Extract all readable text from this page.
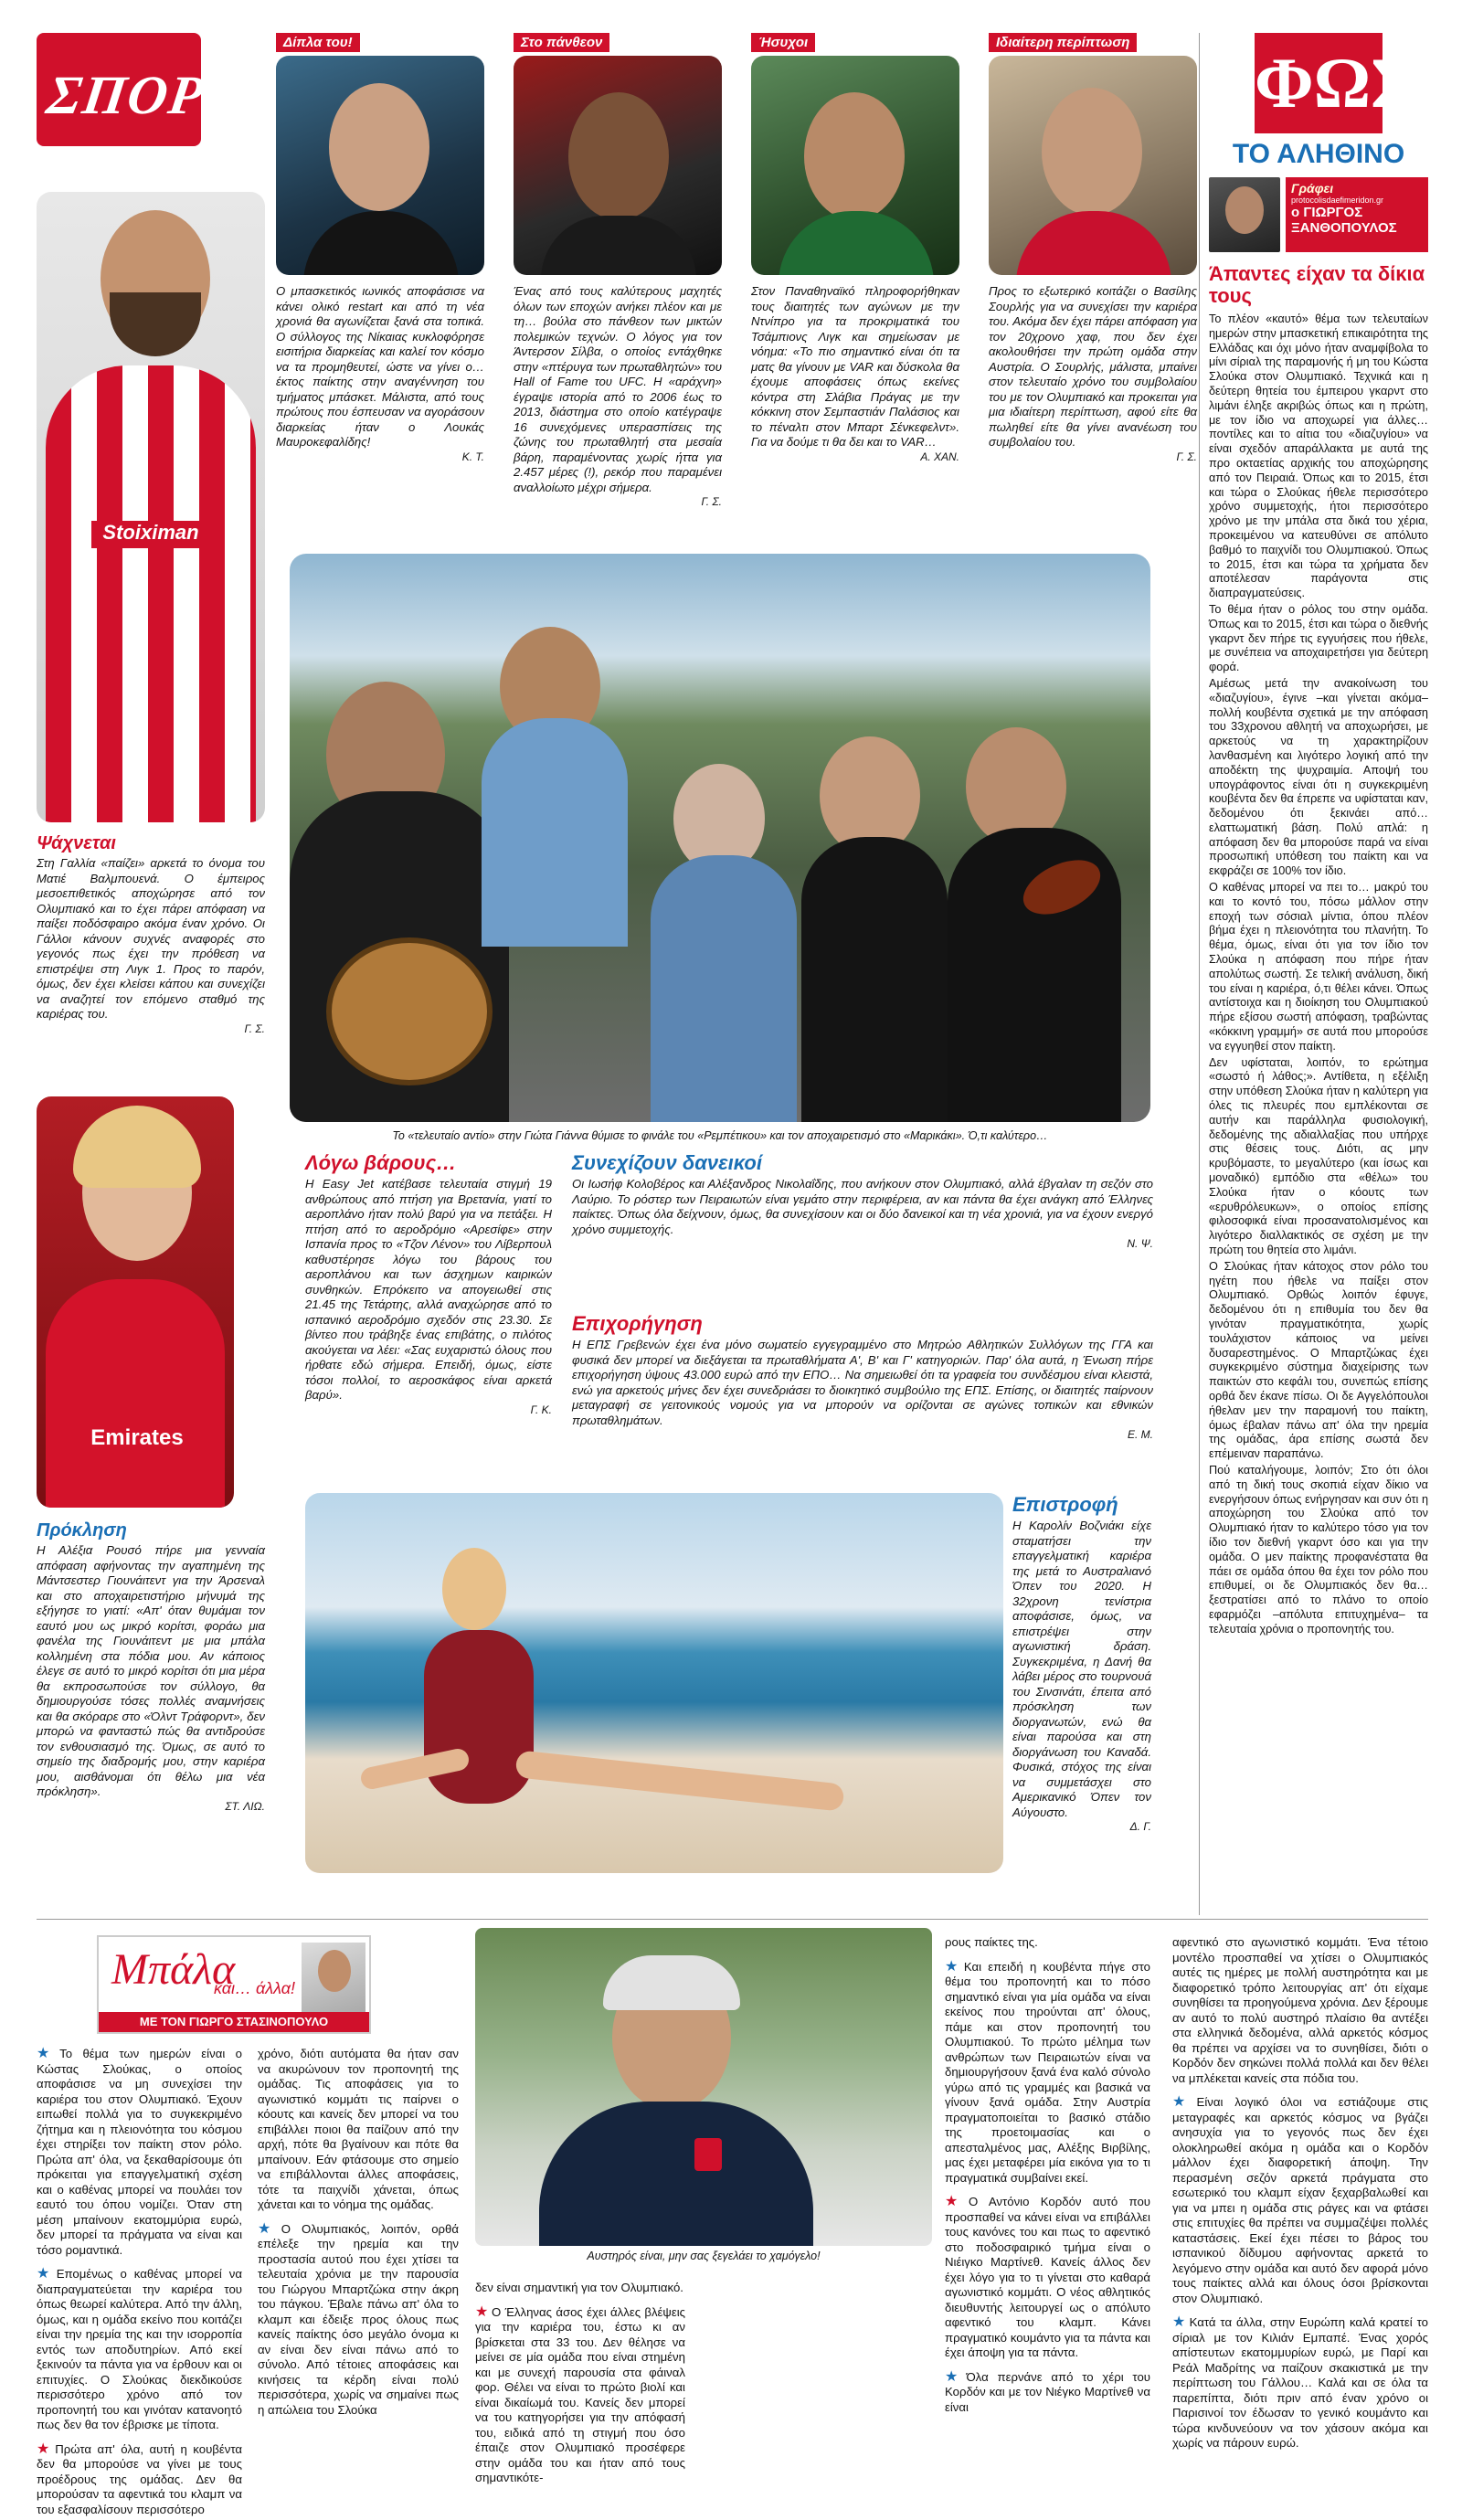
ΣΠΟΡ
Δίπλα του!
Ο μπασκετικός ιωνικός αποφάσισε να κάνει ολικό restart και από τη νέα χρονιά θα αγωνίζεται ξανά στα τοπικά. Ο σύλλογος της Νίκαιας κυκλοφόρησε εισιτήρια διαρκείας και καλεί τον κόσμο να τα προμηθευτεί, ώστε να γίνει ο… έκτος παίκτης στην αναγέννηση του τμήματος μπάσκετ. Μάλιστα, από τους πρώτους που έσπευσαν να αγοράσουν διαρκείας ήταν ο Λουκάς Μαυροκεφαλίδης!
Κ. Τ.
Στο πάνθεον
Ένας από τους καλύτερους μαχητές όλων των εποχών ανήκει πλέον και με τη… βούλα στο πάνθεον των μικτών πολεμικών τεχνών. Ο λόγος για τον Άντερσον Σίλβα, ο οποίος εντάχθηκε στην «πτέρυγα των πρωταθλητών» του Hall of Fame του UFC. Η «αράχνη» έγραψε ιστορία από το 2006 έως το 2013, διάστημα στο οποίο κατέγραψε 16 συνεχόμενες υπερασπίσεις της ζώνης του πρωταθλητή στα μεσαία βάρη, παραμένοντας χωρίς ήττα για 2.457 μέρες (!), ρεκόρ που παραμένει αναλλοίωτο μέχρι σήμερα.
Γ. Σ.
Ήσυχοι
Στον Παναθηναϊκό πληροφορήθηκαν τους διαιτητές των αγώνων με την Ντνίπρο για τα προκριματικά του Τσάμπιονς Λιγκ και σημείωσαν με νόημα: «Το πιο σημαντικό είναι ότι τα ματς θα γίνουν με VAR και δύσκολα θα έχουμε αποφάσεις όπως εκείνες κόντρα στη Σλάβια Πράγας με την κόκκινη στον Σεμπαστιάν Παλάσιος και το πέναλτι στον Μπαρτ Σένκεφελντ». Για να δούμε τι θα δει και το VAR…
Α. ΧΑΝ.
Ιδιαίτερη περίπτωση
Προς το εξωτερικό κοιτάζει ο Βασίλης Σουρλής για να συνεχίσει την καριέρα του. Ακόμα δεν έχει πάρει απόφαση για τον 20χρονο χαφ, που δεν έχει ακολουθήσει την πρώτη ομάδα στην Αυστρία. Ο Σουρλής, μάλιστα, μπαίνει στον τελευταίο χρόνο του συμβολαίου του με τον Ολυμπιακό και προκειται για μια ιδιαίτερη περίπτωση, αφού είτε θα πωληθεί είτε θα γίνει ανανέωση του συμβολαίου του.
Γ. Σ.
Stoiximan
Ψάχνεται
Στη Γαλλία «παίζει» αρκετά το όνομα του Ματιέ Βαλμπουενά. Ο έμπειρος μεσοεπιθετικός αποχώρησε από τον Ολυμπιακό και το έχει πάρει απόφαση να παίξει ποδόσφαιρο ακόμα έναν χρόνο. Οι Γάλλοι κάνουν συχνές αναφορές στο γεγονός πως έχει την πρόθεση να επιστρέψει στη Λιγκ 1. Προς το παρόν, όμως, δεν έχει κλείσει κάπου και συνεχίζει να αναζητεί τον επόμενο σταθμό της καριέρας του.
Γ. Σ.
Το «τελευταίο αντίο» στην Γιώτα Γιάννα θύμισε το φινάλε του «Ρεμπέτικου» και τον αποχαιρετισμό στο «Μαρικάκι». Ό,τι καλύτερο…
ΦΩΣ
ΤΟ ΑΛΗΘΙΝΟ
Γράφει
protocolisdaefimeridon.gr
ο ΓΙΩΡΓΟΣ ΞΑΝΘΟΠΟΥΛΟΣ
Άπαντες είχαν τα δίκια τους

Το πλέον «καυτό» θέμα των τελευταίων ημερών στην μπασκετική επικαιρότητα της Ελλάδας και όχι μόνο ήταν αναμφίβολα το μίνι σίριαλ της παραμονής ή μη του Κώστα Σλούκα στον Ολυμπιακό. Τεχνικά και η δεύτερη θητεία του έμπειρου γκαρντ στο λιμάνι έληξε ακριβώς όπως και η πρώτη, με τον ίδιο να αποχωρεί για άλλες… ποντίλες και το αίτια του «διαζυγίου» να είναι σχεδόν απαράλλακτα με αυτά της προ οκταετίας αρχικής του αποχώρησης από τον Πειραιά. Όπως και το 2015, έτσι και τώρα ο Σλούκας ήθελε περισσότερο χρόνο συμμετοχής, ήτοι περισσότερο χρόνο με την μπάλα στα δικά του χέρια, προκειμένου να κατευθύνει σε απόλυτο βαθμό το παιχνίδι του Ολυμπιακού. Όπως το 2015, έτσι και τώρα τα χρήματα δεν αποτέλεσαν παράγοντα στις διαπραγματεύσεις.

Το θέμα ήταν ο ρόλος του στην ομάδα. Όπως και το 2015, έτσι και τώρα ο διεθνής γκαρντ δεν πήρε τις εγγυήσεις που ήθελε, με συνέπεια να αποχαιρετήσει για δεύτερη φορά.

Αμέσως μετά την ανακοίνωση του «διαζυγίου», έγινε –και γίνεται ακόμα– πολλή κουβέντα σχετικά με την απόφαση του 33χρονου αθλητή να αποχωρήσει, με αρκετούς να τη χαρακτηρίζουν λανθασμένη και λιγότερο λογική από την αποδέκτη της ψυχραιμία. Αποψή του υπογράφοντος είναι ότι η συγκεκριμένη κουβέντα δεν θα έπρεπε να υφίσταται καν, δεδομένου ότι ξεκινάει από… ελαττωματική βάση. Πολύ απλά: η απόφαση δεν θα μπορούσε παρά να είναι προσωπική υπόθεση του παίκτη και να εκφράζει σε 100% τον ίδιο.

Ο καθένας μπορεί να πει το… μακρύ του και το κοντό του, πόσω μάλλον στην εποχή των σόσιαλ μίντια, όπου πλέον βήμα έχει η πλειονότητα του πλανήτη. Το θέμα, όμως, είναι ότι για τον ίδιο τον Σλούκα η απόφαση που πήρε ήταν απολύτως σωστή. Σε τελική ανάλυση, δική του είναι η καριέρα, ό,τι θέλει κάνει. Όπως αντίστοιχα και η διοίκηση του Ολυμπιακού πήρε εξίσου σωστή απόφαση, τραβώντας «κόκκινη γραμμή» σε αυτά που μπορούσε να εγγυηθεί στον παίκτη.

Δεν υφίσταται, λοιπόν, το ερώτημα «σωστό ή λάθος;». Αντίθετα, η εξέλιξη στην υπόθεση Σλούκα ήταν η καλύτερη για όλες τις πλευρές που εμπλέκονται σε αυτήν και παράλληλα φυσιολογική, δεδομένης της αδιαλλαξίας που υπήρχε στις θέσεις τους. Διότι, ας μην κρυβόμαστε, το μεγαλύτερο (και ίσως και μοναδικό) εμπόδιο στα «θέλω» του Σλούκα ήταν ο κόουτς των «ερυθρόλευκων», ο οποίος επίσης φιλοσοφικά είναι προσανατολισμένος και λιγότερο διαλλακτικός σε σχέση με την πρώτη του θητεία στο λιμάνι.

Ο Σλούκας ήταν κάτοχος στον ρόλο του ηγέτη που ήθελε να παίξει στον Ολυμπιακό. Ορθώς λοιπόν έφυγε, δεδομένου ότι η επιθυμία του δεν θα γινόταν πραγματικότητα, χωρίς τουλάχιστον κάποιος να μείνει δυσαρεστημένος. Ο Μπαρτζώκας έχει συγκεκριμένο σύστημα διαχείρισης των παικτών στο κεφάλι του, συνεπώς επίσης ορθά δεν έκανε πίσω. Οι δε Αγγελόπουλοι ήθελαν μεν την παραμονή του παίκτη, όμως έβαλαν πάνω απ' όλα την ηρεμία της ομάδας, άρα επίσης σωστά δεν επέμειναν παραπάνω.

Πού καταλήγουμε, λοιπόν; Στο ότι όλοι από τη δική τους σκοπιά είχαν δίκιο να ενεργήσουν όπως ενήργησαν και συν ότι η αποχώρηση του Σλούκα από τον Ολυμπιακό ήταν το καλύτερο τόσο για τον ίδιο τον διεθνή γκαρντ όσο και για την ομάδα. Ο μεν παίκτης προφανέστατα θα πάει σε ομάδα όπου θα έχει τον ρόλο που επιθυμεί, οι δε Ολυμπιακός δεν θα… ξεστρατίσει από το πλάνο το οποίο εφαρμόζει –απόλυτα επιτυχημένα– τα τελευταία χρόνια ο προπονητής του.

Emirates
Πρόκληση
Η Αλέξια Ρουσό πήρε μια γενναία απόφαση αφήνοντας την αγαπημένη της Μάντσεστερ Γιουνάιτεντ για την Άρσεναλ και στο αποχαιρετιστήριο μήνυμά της εξήγησε το γιατί: «Απ' όταν θυμάμαι τον εαυτό μου ως μικρό κορίτσι, φοράω μια φανέλα της Γιουνάιτεντ με μια μπάλα κολλημένη στα πόδια μου. Αν κάποιος έλεγε σε αυτό το μικρό κορίτσι ότι μια μέρα θα εκπροσωπούσε τον σύλλογο, θα δημιουργούσε τόσες πολλές αναμνήσεις και θα σκόραρε στο «Όλντ Τράφορντ», δεν μπορώ να φανταστώ πώς θα αντιδρούσε τον ενθουσιασμό της. Όμως, σε αυτό το σημείο της διαδρομής μου, στην καριέρα μου, αισθάνομαι ότι θέλω μια νέα πρόκληση».
ΣΤ. ΛΙΩ.
Λόγω βάρους…
Η Easy Jet κατέβασε τελευταία στιγμή 19 ανθρώπους από πτήση για Βρετανία, γιατί το αεροπλάνο ήταν πολύ βαρύ για να πετάξει. Η πτήση από το αεροδρόμιο «Αρεσίφε» στην Ισπανία προς το «Τζον Λένον» του Λίβερπουλ καθυστέρησε λόγω του βάρους του αεροπλάνου και των άσχημων καιρικών συνθηκών. Επρόκειτο να απογειωθεί στις 21.45 της Τετάρτης, αλλά αναχώρησε από το ισπανικό αεροδρόμιο σχεδόν στις 23.30. Σε βίντεο που τράβηξε ένας επιβάτης, ο πιλότος ακούγεται να λέει: «Σας ευχαριστώ όλους που ήρθατε εδώ σήμερα. Επειδή, όμως, είστε τόσοι πολλοί, το αεροσκάφος είναι αρκετά βαρύ».
Γ. Κ.
Συνεχίζουν δανεικοί
Οι Ιωσήφ Κολοβέρος και Αλέξανδρος Νικολαΐδης, που ανήκουν στον Ολυμπιακό, αλλά έβγαλαν τη σεζόν στο Λαύριο. Το ρόστερ των Πειραιωτών είναι γεμάτο στην περιφέρεια, αν και πάντα θα έχει ανάγκη από Έλληνες παίκτες. Όπως όλα δείχνουν, όμως, θα συνεχίσουν και οι δύο δανεικοί και τη νέα χρονιά, για να έχουν ενεργό χρόνο συμμετοχής.
Ν. Ψ.
Επιχορήγηση
Η ΕΠΣ Γρεβενών έχει ένα μόνο σωματείο εγγεγραμμένο στο Μητρώο Αθλητικών Συλλόγων της ΓΓΑ και φυσικά δεν μπορεί να διεξάγεται τα πρωταθλήματα Α', Β' και Γ' κατηγοριών. Παρ' όλα αυτά, η Ένωση πήρε επιχορήγηση ύψους 43.000 ευρώ από την ΕΠΟ… Να σημειωθεί ότι τα γραφεία του συνδέσμου είναι κλειστά, ενώ για αρκετούς μήνες δεν έχει συνεδριάσει το διοικητικό συμβούλιο της ΕΠΣ. Επίσης, οι διαιτητές παίρνουν μεταγραφή σε γειτονικούς νομούς για να μπορούν να ορίζονται σε αγώνες τοπικών και εθνικών πρωταθλημάτων.
Ε. Μ.
Επιστροφή
Η Καρολίν Βοζνιάκι είχε σταματήσει την επαγγελματική καριέρα της μετά το Αυστραλιανό Όπεν του 2020. Η 32χρονη τενίστρια αποφάσισε, όμως, να επιστρέψει στην αγωνιστική δράση. Συγκεκριμένα, η Δανή θα λάβει μέρος στο τουρνουά του Σινσινάτι, έπειτα από πρόσκληση των διοργανωτών, ενώ θα είναι παρούσα και στη διοργάνωση του Καναδά. Φυσικά, στόχος της είναι να συμμετάσχει στο Αμερικανικό Όπεν τον Αύγουστο.
Δ. Γ.
Μπάλα
και… άλλα!
ΜΕ ΤΟΝ ΓΙΩΡΓΟ ΣΤΑΣΙΝΟΠΟΥΛΟ
Αυστηρός είναι, μην σας ξεγελάει το χαμόγελο!

★ Το θέμα των ημερών είναι ο Κώστας Σλούκας, ο οποίος αποφάσισε να μη συνεχίσει την καριέρα του στον Ολυμπιακό. Έχουν ειπωθεί πολλά για το συγκεκριμένο ζήτημα και η πλειονότητα του κόσμου έχει στηρίξει τον παίκτη στον ρόλο. Πρώτα απ' όλα, να ξεκαθαρίσουμε ότι πρόκειται για επαγγελματική σχέση και ο καθένας μπορεί να πουλάει τον εαυτό του όπου νομίζει. Όταν στη μέση μπαίνουν εκατομμύρια ευρώ, δεν μπορεί τα πράγματα να είναι και τόσο ρομαντικά.

★ Επομένως ο καθένας μπορεί να διαπραγματεύεται την καριέρα του όπως θεωρεί καλύτερα. Από την άλλη, όμως, και η ομάδα εκείνο που κοιτάζει είναι την ηρεμία της και την ισορροπία εντός των αποδυτηρίων. Από εκεί ξεκινούν τα πάντα για να έρθουν και οι επιτυχίες. Ο Σλούκας διεκδικούσε περισσότερο χρόνο από τον προπονητή του και γινόταν κατανοητό πως δεν θα τον έβρισκε με τίποτα.

★ Πρώτα απ' όλα, αυτή η κουβέντα δεν θα μπορούσε να γίνει με τους προέδρους της ομάδας. Δεν θα μπορούσαν τα αφεντικά του κλαμπ να του εξασφαλίσουν περισσότερο

χρόνο, διότι αυτόματα θα ήταν σαν να ακυρώνουν τον προπονητή της ομάδας. Τις αποφάσεις για το αγωνιστικό κομμάτι τις παίρνει ο κόουτς και κανείς δεν μπορεί να του επιβάλλει ποιοι θα παίζουν από την αρχή, πότε θα βγαίνουν και πότε θα μπαίνουν. Εάν φτάσουμε στο σημείο να επιβάλλονται άλλες αποφάσεις, τότε τα παιχνίδι χάνεται, όπως χάνεται και το νόημα της ομάδας.

★ Ο Ολυμπιακός, λοιπόν, ορθά επέλεξε την ηρεμία και την προστασία αυτού που έχει χτίσει τα τελευταία χρόνια με την παρουσία του Γιώργου Μπαρτζώκα στην άκρη του πάγκου. Έβαλε πάνω απ' όλα το κλαμπ και έδειξε προς όλους πως κανείς παίκτης όσο μεγάλο όνομα κι αν είναι δεν είναι πάνω από το σύνολο. Από τέτοιες αποφάσεις και κινήσεις τα κέρδη είναι πολύ περισσότερα, χωρίς να σημαίνει πως η απώλεια του Σλούκα

δεν είναι σημαντική για τον Ολυμπιακό.

★ Ο Έλληνας άσος έχει άλλες βλέψεις για την καριέρα του, έστω κι αν βρίσκεται στα 33 του. Δεν θέλησε να μείνει σε μία ομάδα που είναι στημένη και με συνεχή παρουσία στα φάιναλ φορ. Θέλει να είναι το πρώτο βιολί και είναι δικαίωμά του. Κανείς δεν μπορεί να του κατηγορήσει για την απόφασή του, ειδικά από τη στιγμή που όσο έπαιζε στον Ολυμπιακό προσέφερε στην ομάδα του και ήταν από τους σημαντικότε-

ρους παίκτες της.

★ Και επειδή η κουβέντα πήγε στο θέμα του προπονητή και το πόσο σημαντικό είναι για μία ομάδα να είναι εκείνος που τηρούνται απ' όλους, πάμε και στον προπονητή του Ολυμπιακού. Το πρώτο μέλημα των ανθρώπων των Πειραιωτών είναι να δημιουργήσουν ξανά ένα καλό σύνολο γύρω από τις γραμμές και βασικά να γίνουν ξανά ομάδα. Στην Αυστρία πραγματοποιείται το βασικό στάδιο της προετοιμασίας και ο απεσταλμένος μας, Αλέξης Βιρβίλης, μας έχει μεταφέρει μία εικόνα για το τι πραγματικά συμβαίνει εκεί.

★ Ο Αντόνιο Κορδόν αυτό που προσπαθεί να κάνει είναι να επιβάλλει τους κανόνες του και πως το αφεντικό στο ποδοσφαιρικό τμήμα είναι ο Νιέιγκο Μαρτίνεθ. Κανείς άλλος δεν έχει λόγο για το τι γίνεται στο καθαρά αγωνιστικό κομμάτι. Ο νέος αθλητικός διευθυντής λειτουργεί ως ο απόλυτο αφεντικό του κλαμπ. Κάνει πραγματικό κουμάντο για τα πάντα και έχει άποψη για τα πάντα.

★ Όλα περνάνε από το χέρι του Κορδόν και με τον Νιέγκο Μαρτίνεθ να είναι

αφεντικό στο αγωνιστικό κομμάτι. Ένα τέτοιο μοντέλο προσπαθεί να χτίσει ο Ολυμπιακός αυτές τις ημέρες με πολλή αυστηρότητα και με διαφορετικό τρόπο λειτουργίας απ' ότι είχαμε συνηθίσει τα προηγούμενα χρόνια. Δεν ξέρουμε αν αυτό το πολύ αυστηρό πλαίσιο θα αντέξει στα ελληνικά δεδομένα, αλλά αρκετός κόσμος θα πρέπει να αρχίσει να το συνηθίσει, διότι ο Κορδόν δεν σηκώνει πολλά πολλά και δεν θέλει να μπλέκεται κανείς στα πόδια του.

★ Είναι λογικό όλοι να εστιάζουμε στις μεταγραφές και αρκετός κόσμος να βγάζει ανησυχία για το γεγονός πως δεν έχει ολοκληρωθεί ακόμα η ομάδα και ο Κορδόν μάλλον έχει διαφορετική άποψη. Την περασμένη σεζόν αρκετά πράγματα στο εσωτερικό του κλαμπ είχαν ξεχαρβαλωθεί και για να μπει η ομάδα στις ράγες και να φτάσει στις επιτυχίες θα πρέπει να συμμαζέψει πολλές καταστάσεις. Εκεί έχει πέσει το βάρος του ισπανικού δίδυμου αφήνοντας αρκετά το λεγόμενο στην ομάδα και αυτό δεν αφορά μόνο τους παίκτες αλλά και όλους όσοι βρίσκονται στον Ολυμπιακό.

★ Κατά τα άλλα, στην Ευρώπη καλά κρατεί το σίριαλ με τον Κιλιάν Εμπαπέ. Ένας χορός απίστευτων εκατομμυρίων ευρώ, με Παρί και Ρεάλ Μαδρίτης να παίζουν σκακιστικά με την περίπτωση του Γάλλου… Καλά και σε όλα τα παρεπίπτα, διότι πριν από έναν χρόνο οι Παρισινοί τον έδωσαν το γενικό κουμάντο και τώρα κινδυνεύουν να τον χάσουν ακόμα και χωρίς να πάρουν ευρώ.
